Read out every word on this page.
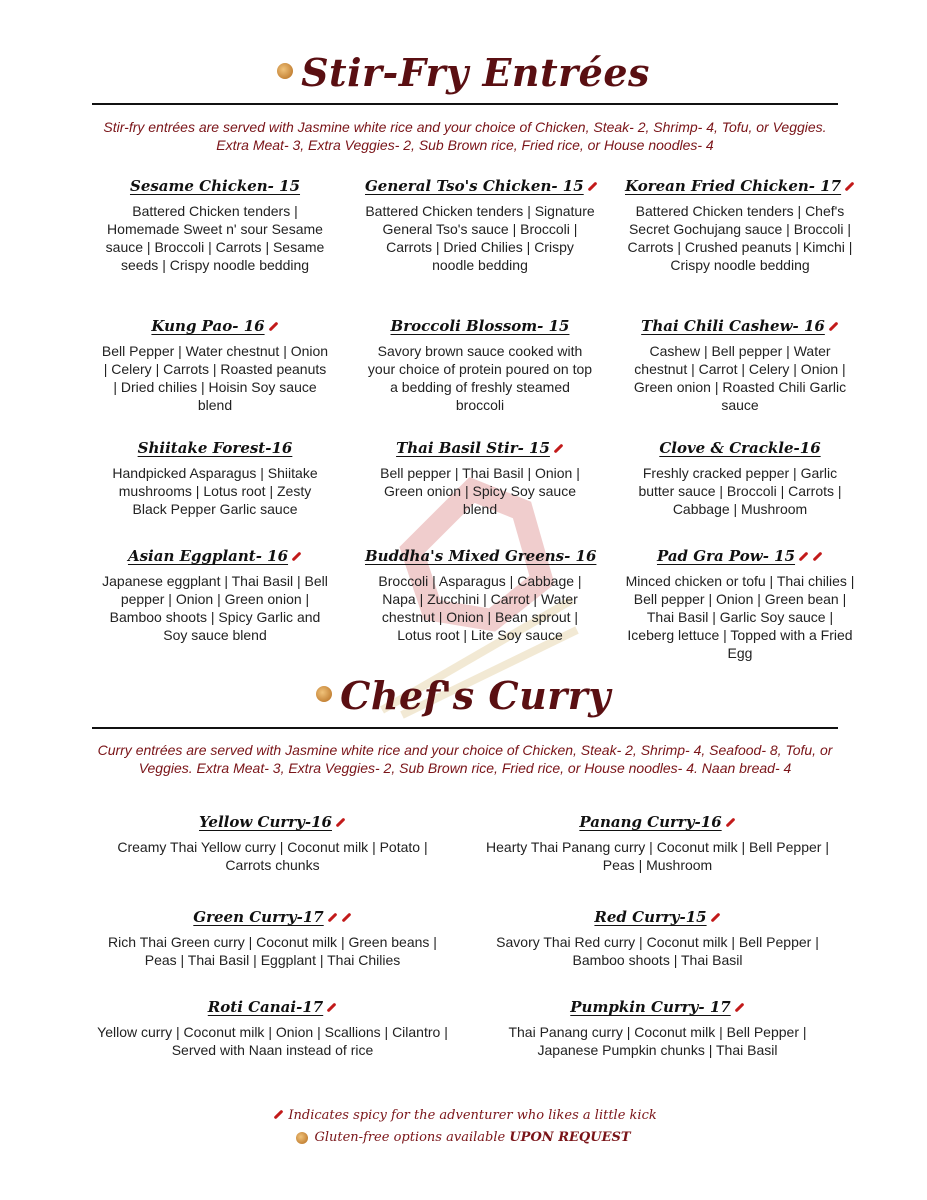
Stir-Fry Entrées
Stir-fry entrées are served with Jasmine white rice and your choice of Chicken, Steak- 2, Shrimp- 4, Tofu, or Veggies. Extra Meat- 3, Extra Veggies- 2, Sub Brown rice, Fried rice, or House noodles- 4
Sesame Chicken- 15
Battered Chicken tenders | Homemade Sweet n' sour Sesame sauce | Broccoli | Carrots | Sesame seeds | Crispy noodle bedding
General Tso's Chicken- 15
Battered Chicken tenders | Signature General Tso's sauce | Broccoli | Carrots | Dried Chilies | Crispy noodle bedding
Korean Fried Chicken- 17
Battered Chicken tenders | Chef's Secret Gochujang sauce | Broccoli | Carrots | Crushed peanuts | Kimchi | Crispy noodle bedding
Kung Pao- 16
Bell Pepper | Water chestnut | Onion | Celery | Carrots | Roasted peanuts | Dried chilies | Hoisin Soy sauce blend
Broccoli Blossom- 15
Savory brown sauce cooked with your choice of protein poured on top a bedding of freshly steamed broccoli
Thai Chili Cashew- 16
Cashew | Bell pepper | Water chestnut | Carrot | Celery | Onion | Green onion | Roasted Chili Garlic sauce
Shiitake Forest-16
Handpicked Asparagus | Shiitake mushrooms | Lotus root | Zesty Black Pepper Garlic sauce
Thai Basil Stir- 15
Bell pepper | Thai Basil | Onion | Green onion | Spicy Soy sauce blend
Clove & Crackle-16
Freshly cracked pepper | Garlic butter sauce | Broccoli | Carrots | Cabbage | Mushroom
Asian Eggplant- 16
Japanese eggplant | Thai Basil | Bell pepper | Onion | Green onion | Bamboo shoots | Spicy Garlic and Soy sauce blend
Buddha's Mixed Greens- 16
Broccoli | Asparagus | Cabbage | Napa | Zucchini | Carrot | Water chestnut | Onion | Bean sprout | Lotus root | Lite Soy sauce
Pad Gra Pow- 15
Minced chicken or tofu | Thai chilies | Bell pepper | Onion | Green bean | Thai Basil | Garlic Soy sauce | Iceberg lettuce | Topped with a Fried Egg
Chef's Curry
Curry entrées are served with Jasmine white rice and your choice of Chicken, Steak- 2, Shrimp- 4, Seafood- 8, Tofu, or Veggies. Extra Meat- 3, Extra Veggies- 2, Sub Brown rice, Fried rice, or House noodles- 4. Naan bread- 4
Yellow Curry-16
Creamy Thai Yellow curry | Coconut milk | Potato | Carrots chunks
Panang Curry-16
Hearty Thai Panang curry | Coconut milk | Bell Pepper | Peas | Mushroom
Green Curry-17
Rich Thai Green curry | Coconut milk | Green beans | Peas | Thai Basil | Eggplant | Thai Chilies
Red Curry-15
Savory Thai Red curry | Coconut milk | Bell Pepper | Bamboo shoots | Thai Basil
Roti Canai-17
Yellow curry | Coconut milk | Onion | Scallions | Cilantro | Served with Naan instead of rice
Pumpkin Curry- 17
Thai Panang curry | Coconut milk | Bell Pepper | Japanese Pumpkin chunks | Thai Basil
Indicates spicy for the adventurer who likes a little kick
Gluten-free options available UPON REQUEST
